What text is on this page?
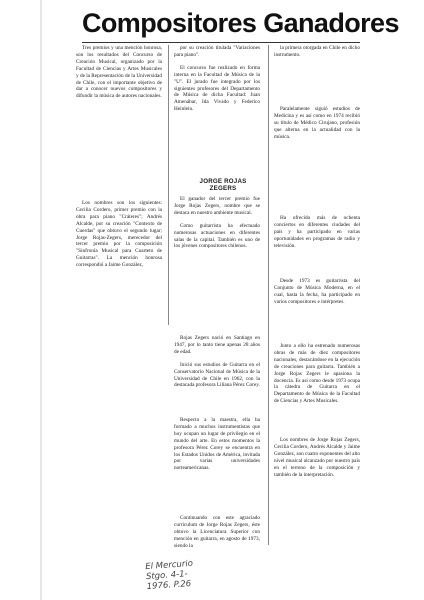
Compositores Ganadores

Tres premios y una mención honrosa, son los resultados del Concurso de Creación Musical, organizado por la Facultad de Ciencias y Artes Musicales y de la Representación de la Universidad de Chile, con el importante objetivo de dar a conocer nuevos compositores y difundir la música de autores nacionales.

Los nombres son los siguientes: Cecilia Cordero, primer premio con la obra para piano "Cráteres"; Andrés Alcalde, por su creación "Contexto de Cuerdas" que obtuvo el segundo lugar; Jorge Rojas-Zegers, merecedor del tercer premio por la composición "Sinfronía Musical para Cuarteto de Guitarras". La mención honrosa correspondió a Jaime González,

por su creación titulada "Variaciones para piano".

El concurso fue realizado en forma interna en la Facultad de Música de la "U". El jurado fue integrado por los siguientes profesores del Departamento de Música de dicha Facultad: Juan Amenábar, Ida Vivado y Federico Heinlein.

JORGE ROJAS ZEGERS

El ganador del tercer premio fue Jorge Rojas Zegers, nombre que se destaca en nuestro ambiente musical.

Como guitarrista ha efectuado numerosas actuaciones en diferentes salas de la capital. También es uno de los jóvenes compositores chilenos.

Rojas Zegers nació en Santiago en 1947, por lo tanto tiene apenas 28 años de edad.

Inició sus estudios de Guitarra en el Conservatorio Nacional de Música de la Universidad de Chile en 1962, con la destacada profesora Liliana Pérez Corey.

Respecto a la maestra, ella ha formado a muchos instrumentistas que hoy ocupan un lugar de privilegio en el mundo del arte. En estos momentos la profesora Pérez Corey se encuentra en los Estados Unidos de América, invitada por varias universidades norteamericanas.

Continuando con este agraciado curriculum de Jorge Rojas Zegers, éste obtuvo la Licenciatura Superior con mención en guitarra, en agosto de 1973, siendo la

la primera otorgada en Chile en dicho instrumento.

Paralelamente siguió estudios de Medicina y es así como en 1974 recibió su título de Médico Cirujano, profesión que alterna en la actualidad con la música.

Ha ofrecido más de ochenta conciertos en diferentes ciudades del país y ha participado en varias oportunidades en programas de radio y televisión.

Desde 1973 es guitarrista del Conjunto de Música Moderna, en el cual, hasta la fecha, ha participado en varios compositores e intérpretes.

Junto a ello ha estrenado numerosas obras de más de diez compositores nacionales, destacándose en la ejecución de creaciones para guitarra. También a Jorge Rojas Zegers le apasiona la docencia. Es así como desde 1973 ocupa la cátedra de Guitarra en el Departamento de Música de la Facultad de Ciencias y Artes Musicales.

Los nombres de Jorge Rojas Zegers, Cecilia Cordero, Andrés Alcalde y Jaime González, son cuatro exponentes del alto nivel musical alcanzado por nuestro país en el terreno de la composición y también de la interpretación.

El Mercurio Stgo. 4-1-1976. P.26
